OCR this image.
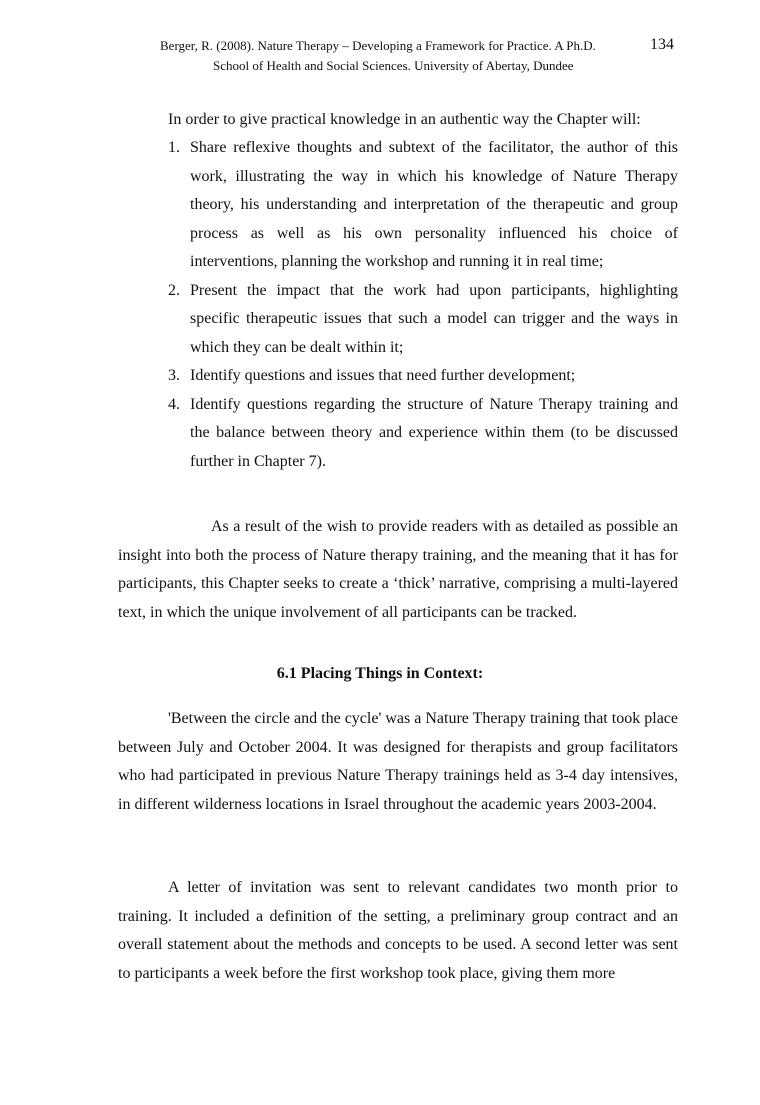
Berger, R. (2008). Nature Therapy – Developing a Framework for Practice. A Ph.D.	134
School of Health and Social Sciences. University of Abertay, Dundee
In order to give practical knowledge in an authentic way the Chapter will:
1. Share reflexive thoughts and subtext of the facilitator, the author of this work, illustrating the way in which his knowledge of Nature Therapy theory, his understanding and interpretation of the therapeutic and group process as well as his own personality influenced his choice of interventions, planning the workshop and running it in real time;
2. Present the impact that the work had upon participants, highlighting specific therapeutic issues that such a model can trigger and the ways in which they can be dealt within it;
3. Identify questions and issues that need further development;
4. Identify questions regarding the structure of Nature Therapy training and the balance between theory and experience within them (to be discussed further in Chapter 7).

As a result of the wish to provide readers with as detailed as possible an insight into both the process of Nature therapy training, and the meaning that it has for participants, this Chapter seeks to create a ‘thick’ narrative, comprising a multi-layered text, in which the unique involvement of all participants can be tracked.

6.1 Placing Things in Context:

'Between the circle and the cycle' was a Nature Therapy training that took place between July and October 2004. It was designed for therapists and group facilitators who had participated in previous Nature Therapy trainings held as 3-4 day intensives, in different wilderness locations in Israel throughout the academic years 2003-2004.

A letter of invitation was sent to relevant candidates two month prior to training. It included a definition of the setting, a preliminary group contract and an overall statement about the methods and concepts to be used. A second letter was sent to participants a week before the first workshop took place, giving them more
